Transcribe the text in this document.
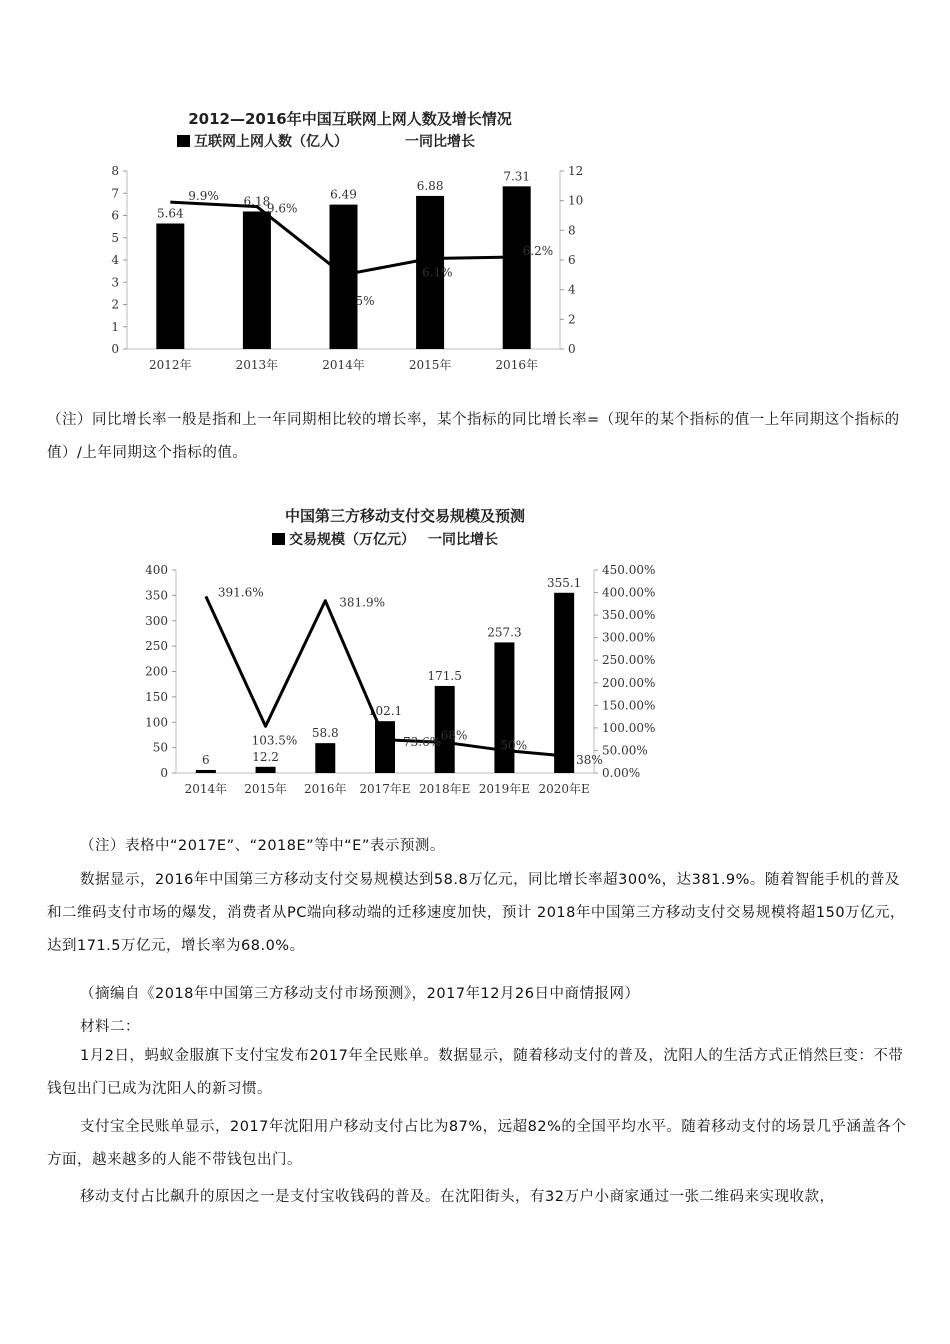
2012—2016年中国互联网上网人数及增长情况
互联网上网人数（亿人）	一同比增长
0
1
2
3
4
5
6
7
8
0
2
4
6
8
10
12
2012年	2013年	2014年	2015年	2016年
5.64
6.18	6.49
6.88
7.31
9.9%
9.6%
5%
6.1%
6.2%

（注）同比增长率一般是指和上一年同期相比较的增长率，某个指标的同比增长率=（现年的某个指标的值一上年同期这个指标的值）/上年同期这个指标的值。

中国第三方移动支付交易规模及预测
交易规模（万亿元） 一同比增长
0
50
100
150
200
250
300
350
400
0.00%
50.00%
100.00%
150.00%
200.00%
250.00%
300.00%
350.00%
400.00%
450.00%
2014年 2015年 2016年 2017年E 2018年E 2019年E 2020年E
6	12.2
58.8
102.1
171.5
257.3
355.1
391.6%
103.5%
381.9%
73.6% 68%
50%
38%

（注）表格中“2017E”、“2018E”等中“E”表示预测。

数据显示，2016年中国第三方移动支付交易规模达到58.8万亿元，同比增长率超300%，达381.9%。随着智能手机的普及和二维码支付市场的爆发，消费者从PC端向移动端的迁移速度加快，预计 2018年中国第三方移动支付交易规模将超150万亿元，达到171.5万亿元，增长率为68.0%。

（摘编自《2018年中国第三方移动支付市场预测》，2017年12月26日中商情报网）

材料二：

1月2日，蚂蚁金服旗下支付宝发布2017年全民账单。数据显示，随着移动支付的普及，沈阳人的生活方式正悄然巨变：不带钱包出门已成为沈阳人的新习惯。

支付宝全民账单显示，2017年沈阳用户移动支付占比为87%，远超82%的全国平均水平。随着移动支付的场景几乎涵盖各个方面，越来越多的人能不带钱包出门。

移动支付占比飙升的原因之一是支付宝收钱码的普及。在沈阳街头，有32万户小商家通过一张二维码来实现收款，
